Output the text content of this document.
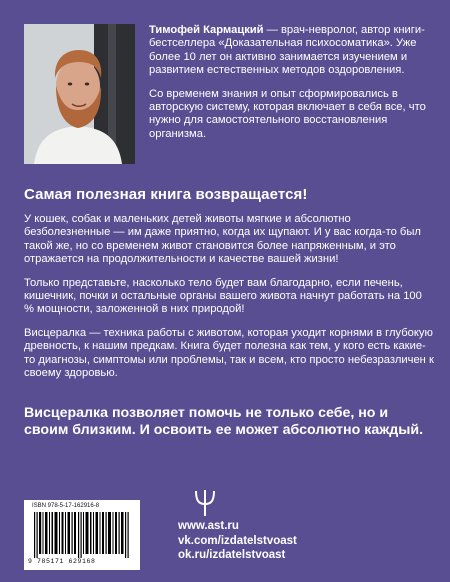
Тимофей Кармацкий — врач-невролог, автор книги-бестселлера «Доказательная психосоматика». Уже более 10 лет он активно занимается изучением и развитием естественных методов оздоровления.

Со временем знания и опыт сформировались в авторскую систему, которая включает в себя все, что нужно для самостоятельного восстановления организма.

Самая полезная книга возвращается!

У кошек, собак и маленьких детей животы мягкие и абсолютно безболезненные — им даже приятно, когда их щупают. И у вас когда-то был такой же, но со временем живот становится более напряженным, и это отражается на продолжительности и качестве вашей жизни!

Только представьте, насколько тело будет вам благодарно, если печень, кишечник, почки и остальные органы вашего живота начнут работать на 100 % мощности, заложенной в них природой!

Висцералка — техника работы с животом, которая уходит корнями в глубокую древность, к нашим предкам. Книга будет полезна как тем, у кого есть какие-то диагнозы, симптомы или проблемы, так и всем, кто просто небезразличен к своему здоровью.

Висцералка позволяет помочь не только себе, но и своим близким. И освоить ее может абсолютно каждый.
ISBN 978-5-17-162916-8
9 785171 629168
www.ast.ru
vk.com/izdatelstvoast
ok.ru/izdatelstvoast
